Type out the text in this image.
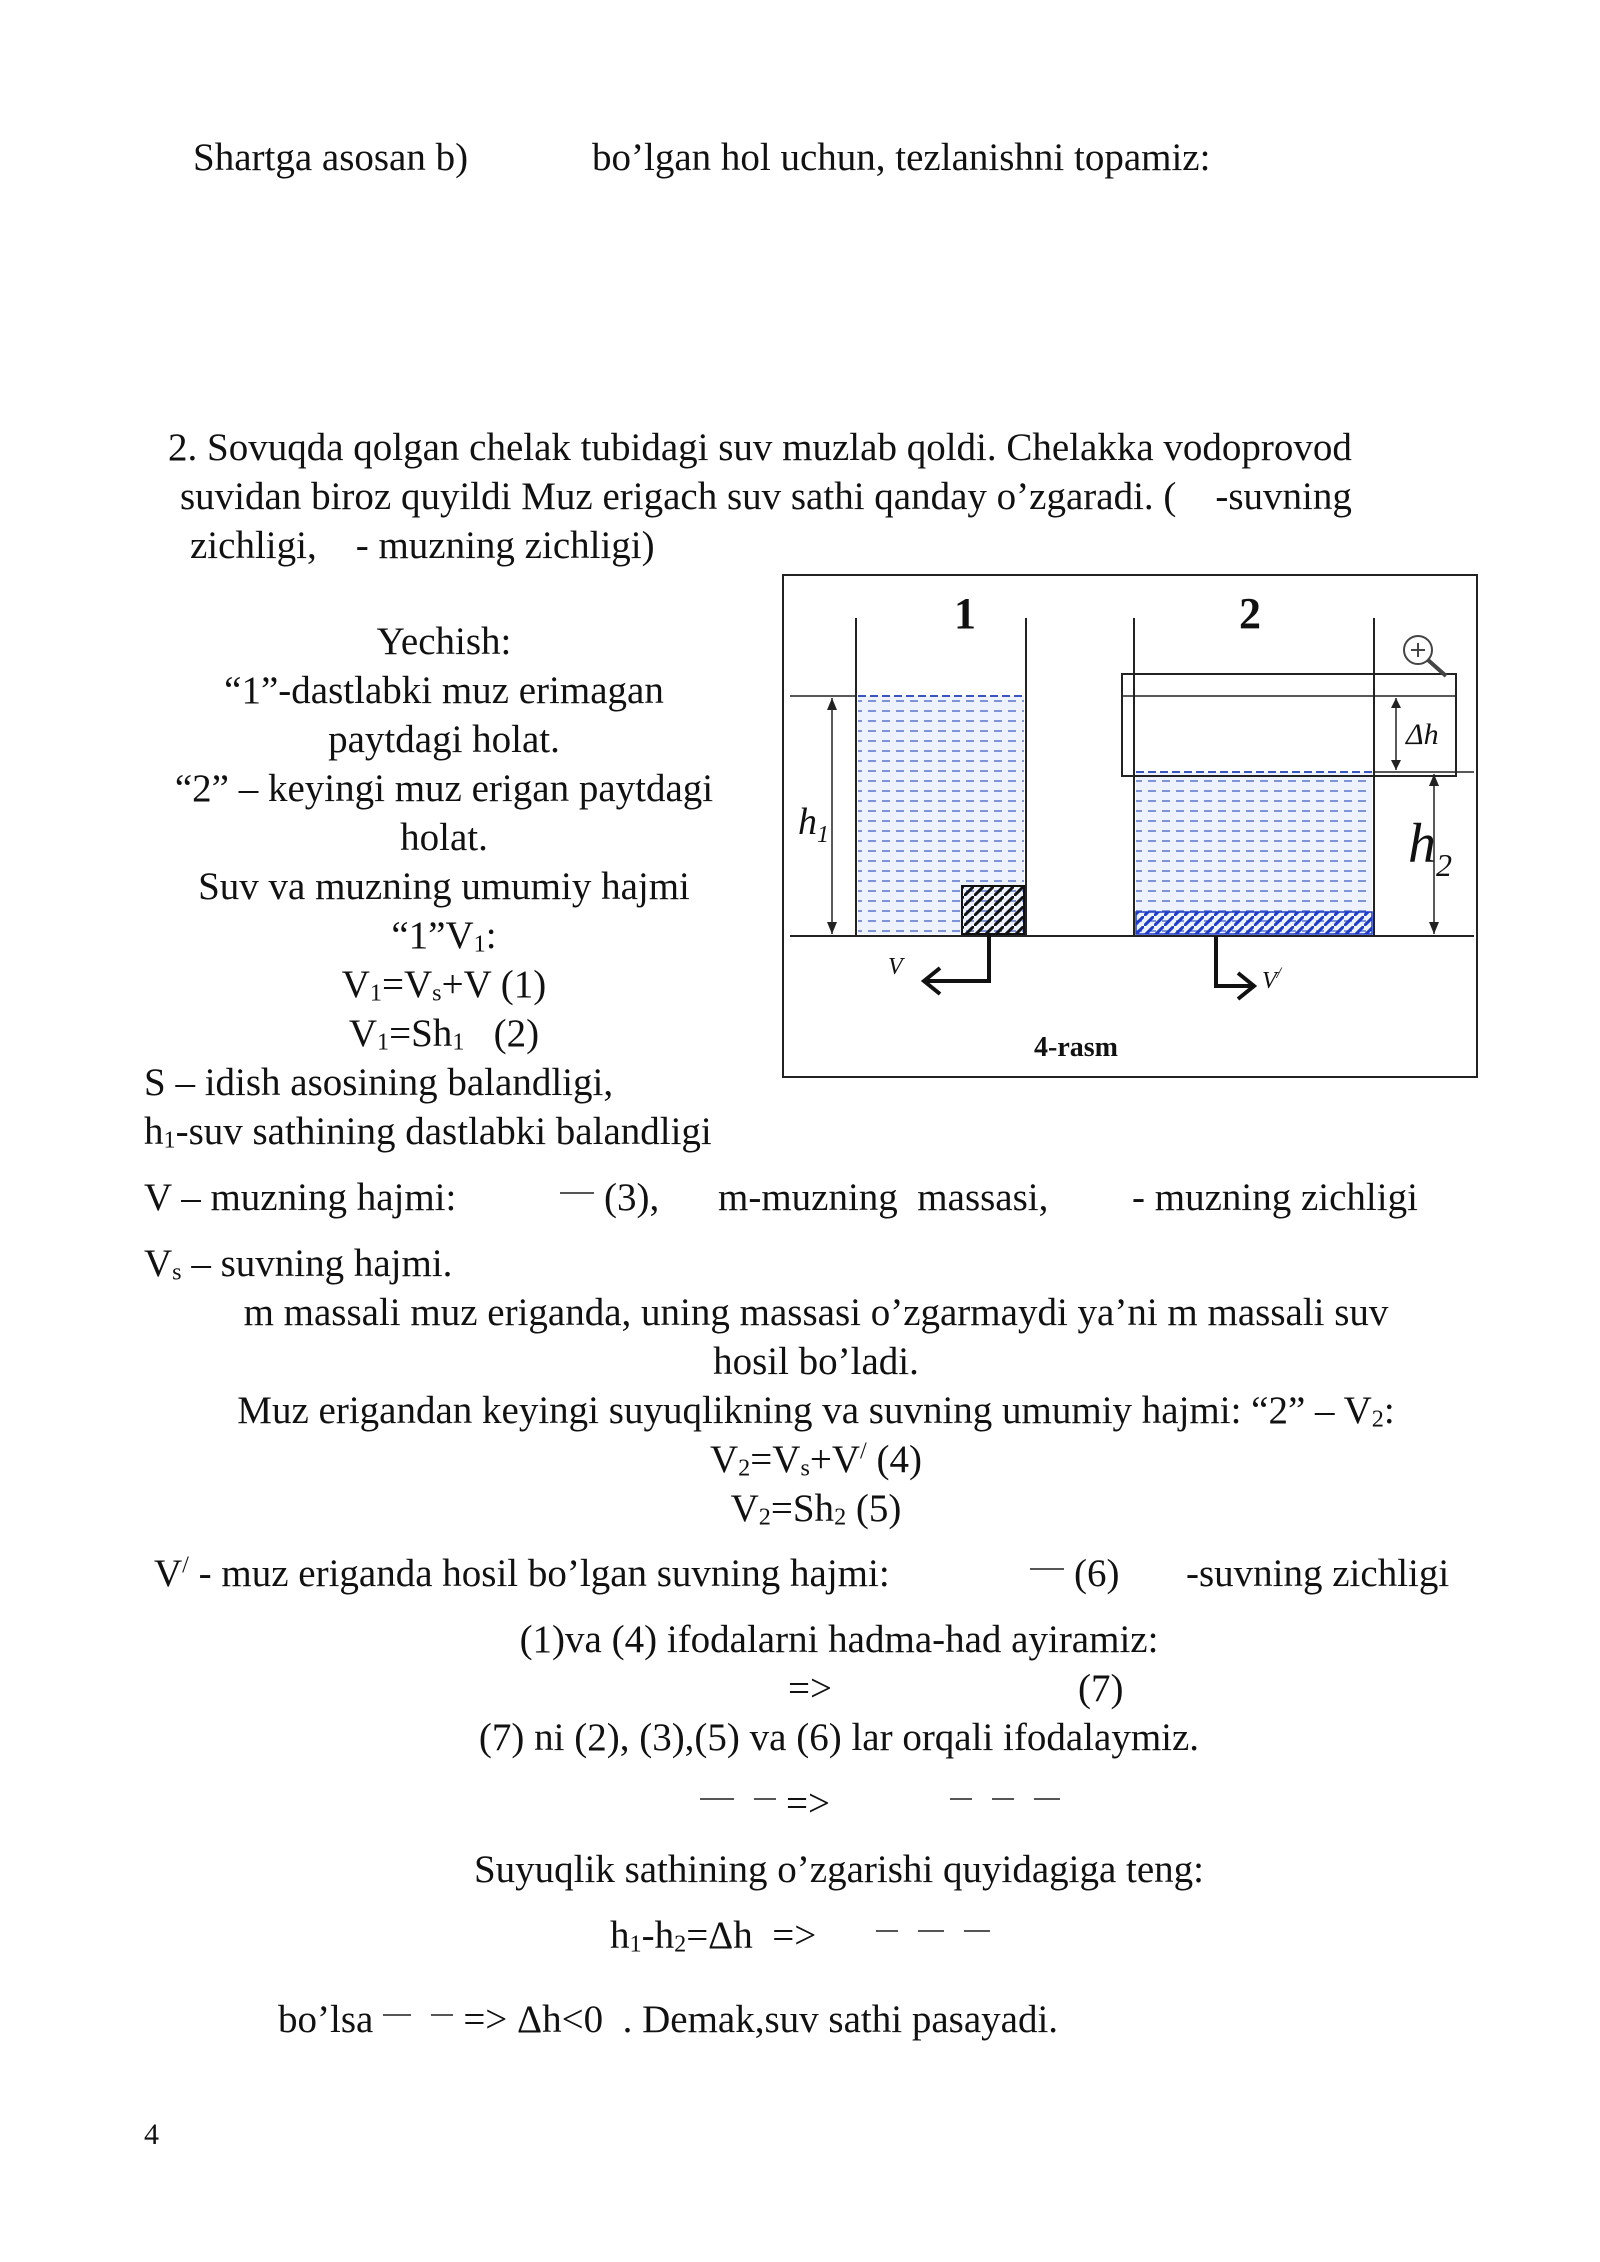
Shartga asosan b)	bo’lgan hol uchun, tezlanishni topamiz:
2. Sovuqda qolgan chelak tubidagi suv muzlab qoldi. Chelakka vodoprovod
suvidan biroz quyildi Muz erigach suv sathi qanday o’zgaradi. (    -suvning
zichligi,    - muzning zichligi)
Yechish:
“1”-dastlabki muz erimagan
paytdagi holat.
“2” – keyingi muz erigan paytdagi
holat.
Suv va muzning umumiy hajmi
“$1”V_1$:
$V_1=V_s+V$ (1)
$V_1=Sh_1$   (2)
S – idish asosining balandligi,
$h_1$-suv sathining dastlabki balandligi
$h_1$
1
V
Δh
$h_2$
2
V/
4-rasm
V – muzning hajmi:	(3), m-muzning  massasi, - muzning zichligi
$V_s$ – suvning hajmi.
m massali muz eriganda, uning massasi o’zgarmaydi ya’ni m massali suv
hosil bo’ladi.
Muz erigandan keyingi suyuqlikning va suvning umumiy hajmi: “2” – $V_2$:
$V_2=V_s+V^/$ (4)
$V_2=Sh_2$ (5)
V/ - muz eriganda hosil bo’lgan suvning hajmi:	(6) -suvning zichligi
(1)va (4) ifodalarni hadma-had ayiramiz:
=>	(7)
(7) ni (2), (3),(5) va (6) lar orqali ifodalaymiz.
=>
Suyuqlik sathining o’zgarishi quyidagiga teng:
$h_1-h_2=\Delta h$  =>
bo’lsa => Δh<0  . Demak,suv sathi pasayadi.
4
